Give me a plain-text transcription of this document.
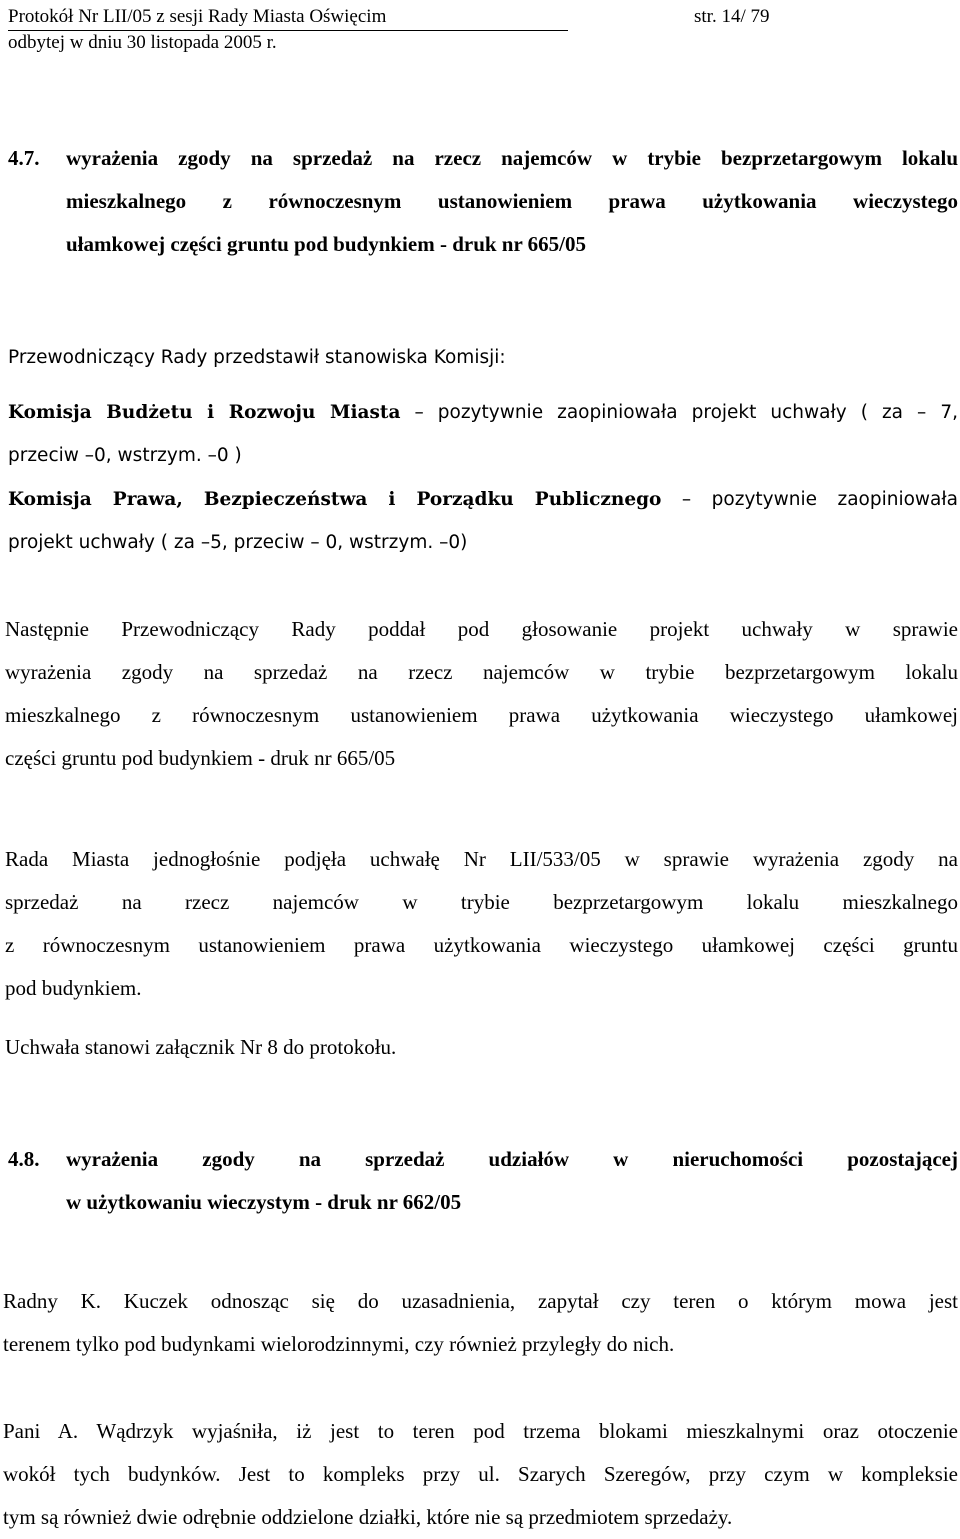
Protokół Nr LII/05 z sesji Rady Miasta Oświęcim	str. 14/ 79
odbytej w dniu 30 listopada 2005 r.
4.7. wyrażenia zgody na sprzedaż na rzecz najemców w trybie bezprzetargowym lokalu
mieszkalnego z równoczesnym ustanowieniem prawa użytkowania wieczystego
ułamkowej części gruntu pod budynkiem - druk nr 665/05
Przewodniczący Rady przedstawił stanowiska Komisji:
Komisja Budżetu i Rozwoju Miasta – pozytywnie zaopiniowała projekt uchwały ( za – 7,
przeciw –0, wstrzym. –0 )
Komisja Prawa, Bezpieczeństwa i Porządku Publicznego – pozytywnie zaopiniowała
projekt uchwały ( za –5, przeciw – 0, wstrzym. –0)
Następnie Przewodniczący Rady poddał pod głosowanie projekt uchwały w sprawie
wyrażenia zgody na sprzedaż na rzecz najemców w trybie bezprzetargowym lokalu
mieszkalnego z równoczesnym ustanowieniem prawa użytkowania wieczystego ułamkowej
części gruntu pod budynkiem - druk nr 665/05
Rada Miasta jednogłośnie podjęła uchwałę Nr LII/533/05 w sprawie wyrażenia zgody na
sprzedaż na rzecz najemców w trybie bezprzetargowym lokalu mieszkalnego
z równoczesnym ustanowieniem prawa użytkowania wieczystego ułamkowej części gruntu
pod budynkiem.
Uchwała stanowi załącznik Nr 8 do protokołu.
4.8. wyrażenia zgody na sprzedaż udziałów w nieruchomości pozostającej
w użytkowaniu wieczystym - druk nr 662/05
Radny K. Kuczek odnosząc się do uzasadnienia, zapytał czy teren o którym mowa jest
terenem tylko pod budynkami wielorodzinnymi, czy również przyległy do nich.
Pani A. Wądrzyk wyjaśniła, iż jest to teren pod trzema blokami mieszkalnymi oraz otoczenie
wokół tych budynków. Jest to kompleks przy ul. Szarych Szeregów, przy czym w kompleksie
tym są również dwie odrębnie oddzielone działki, które nie są przedmiotem sprzedaży.
